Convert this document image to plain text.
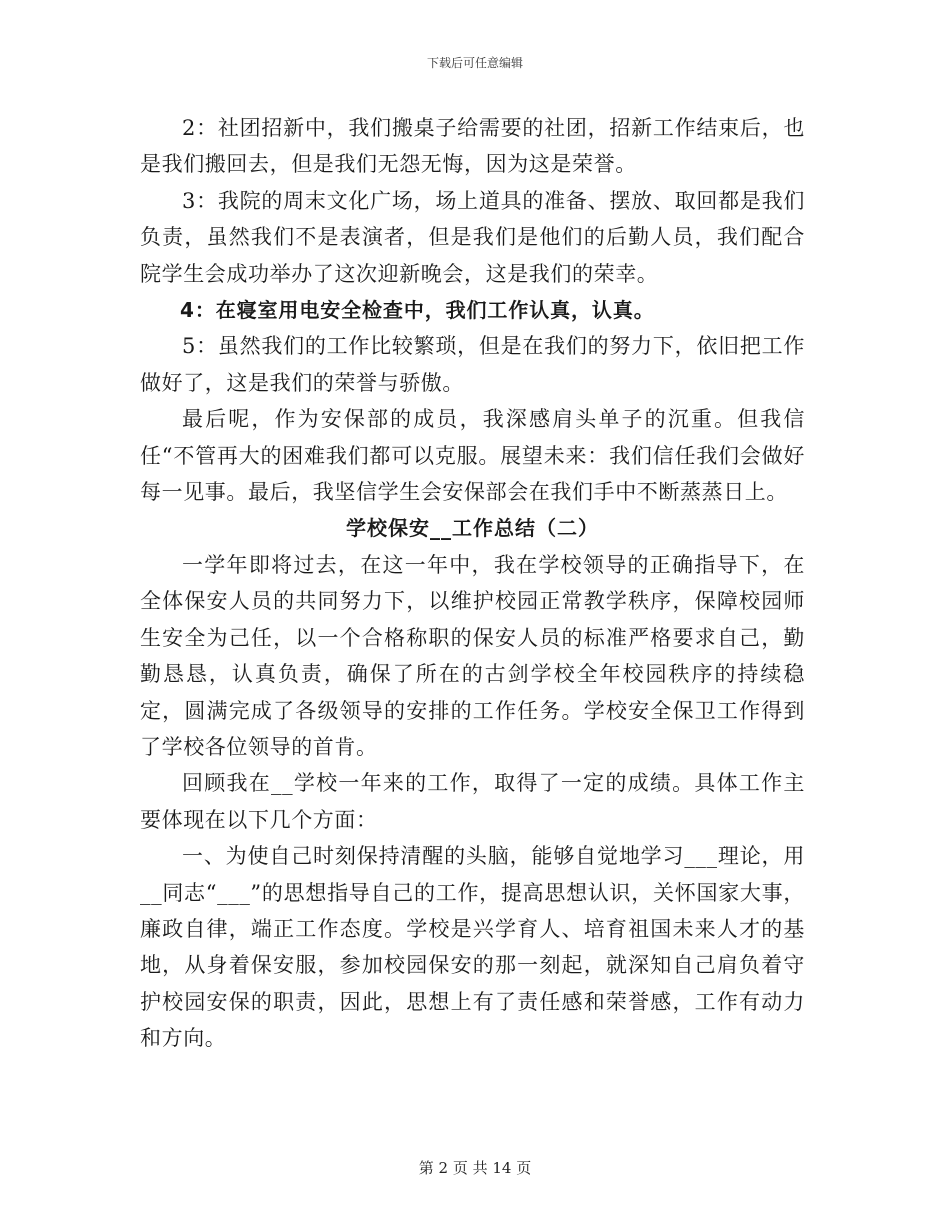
下载后可任意编辑

2：社团招新中，我们搬桌子给需要的社团，招新工作结束后，也是我们搬回去，但是我们无怨无悔，因为这是荣誉。

3：我院的周末文化广场，场上道具的准备、摆放、取回都是我们负责，虽然我们不是表演者，但是我们是他们的后勤人员，我们配合院学生会成功举办了这次迎新晚会，这是我们的荣幸。

4：在寝室用电安全检查中，我们工作认真，认真。

5：虽然我们的工作比较繁琐，但是在我们的努力下，依旧把工作做好了，这是我们的荣誉与骄傲。

最后呢，作为安保部的成员，我深感肩头单子的沉重。但我信任“不管再大的困难我们都可以克服。展望未来：我们信任我们会做好每一见事。最后，我坚信学生会安保部会在我们手中不断蒸蒸日上。

学校保安__工作总结（二）

一学年即将过去，在这一年中，我在学校领导的正确指导下，在全体保安人员的共同努力下，以维护校园正常教学秩序，保障校园师生安全为己任，以一个合格称职的保安人员的标准严格要求自己，勤勤恳恳，认真负责，确保了所在的古剑学校全年校园秩序的持续稳定，圆满完成了各级领导的安排的工作任务。学校安全保卫工作得到了学校各位领导的首肯。

回顾我在__学校一年来的工作，取得了一定的成绩。具体工作主要体现在以下几个方面：

一、为使自己时刻保持清醒的头脑，能够自觉地学习___理论，用__同志“___”的思想指导自己的工作，提高思想认识，关怀国家大事，廉政自律，端正工作态度。学校是兴学育人、培育祖国未来人才的基地，从身着保安服，参加校园保安的那一刻起，就深知自己肩负着守护校园安保的职责，因此，思想上有了责任感和荣誉感，工作有动力和方向。

第 2 页 共 14 页
